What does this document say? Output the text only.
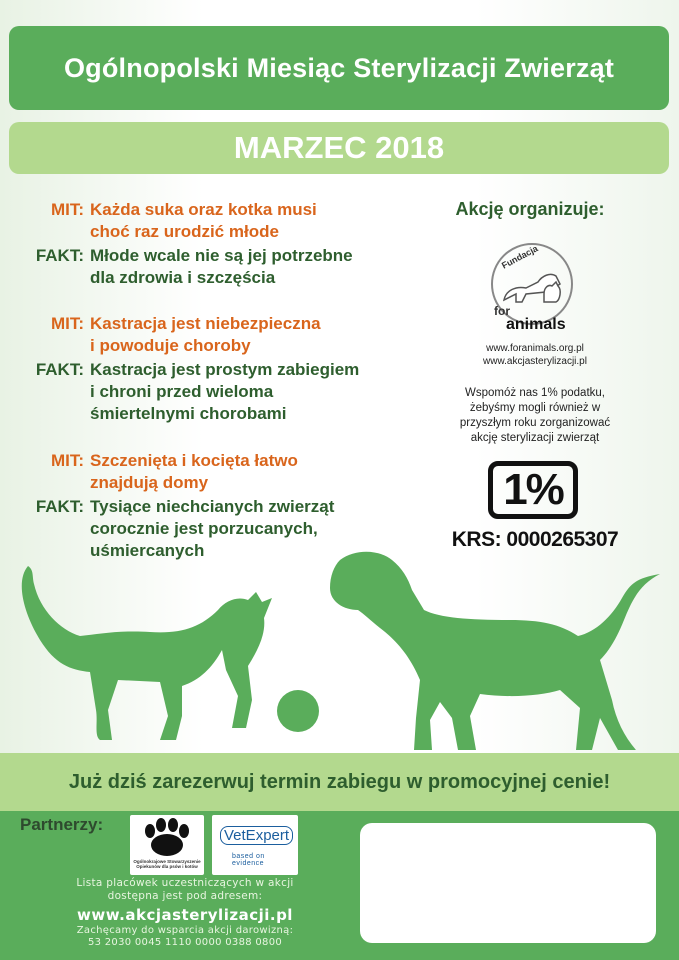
Ogólnopolski Miesiąc Sterylizacji Zwierząt
MARZEC 2018
MIT: Każda suka oraz kotka musi
choć raz urodzić młode
FAKT: Młode wcale nie są jej potrzebne
dla zdrowia i szczęścia
MIT: Kastracja jest niebezpieczna
i powoduje choroby
FAKT: Kastracja jest prostym zabiegiem
i chroni przed wieloma
śmiertelnymi chorobami
MIT: Szczenięta i kocięta łatwo
znajdują domy
FAKT: Tysiące niechcianych zwierząt
corocznie jest porzucanych,
uśmiercanych
Akcję organizuje:
Fundacja
for
animals
www.foranimals.org.pl
www.akcjasterylizacji.pl
Wspomóż nas 1% podatku,
żebyśmy mogli również w
przyszłym roku zorganizować
akcję sterylizacji zwierząt
1%
KRS: 0000265307
Już dziś zarezerwuj termin zabiegu w promocyjnej cenie!
Partnerzy:
Ogólnokrajowe Stowarzyszenie Opiekunów dla psów i kotów
VetExpert
based on evidence
Lista placówek uczestniczących w akcji
dostępna jest pod adresem:
www.akcjasterylizacji.pl
Zachęcamy do wsparcia akcji darowizną:
53 2030 0045 1110 0000 0388 0800
